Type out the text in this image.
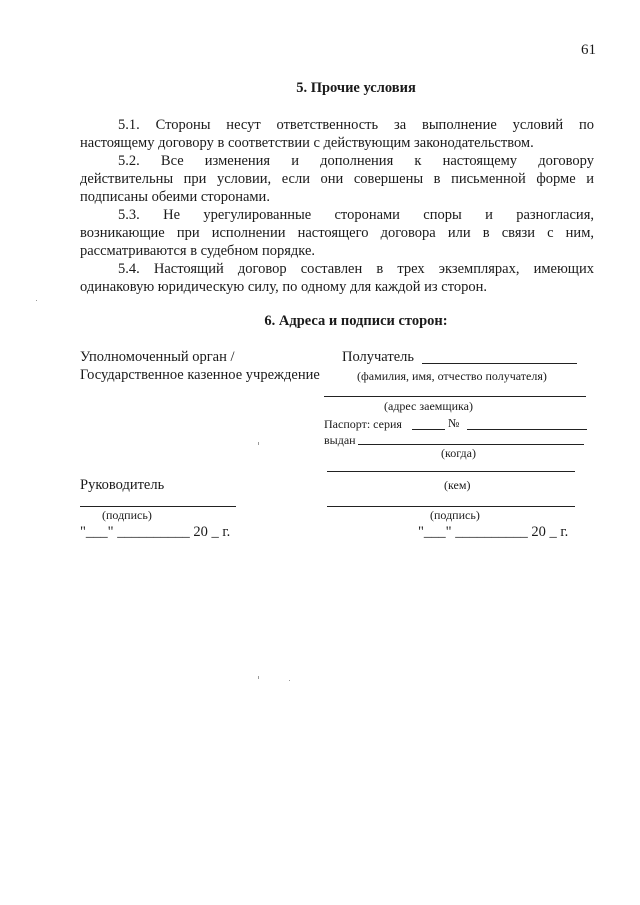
61
5. Прочие условия
5.1. Стороны несут ответственность за выполнение условий по
настоящему договору в соответствии с действующим законодательством.
5.2. Все изменения и дополнения к настоящему договору
действительны при условии, если они совершены в письменной форме и
подписаны обеими сторонами.
5.3. Не урегулированные сторонами споры и разногласия,
возникающие при исполнении настоящего договора или в связи с ним,
рассматриваются в судебном порядке.
5.4. Настоящий договор составлен в трех экземплярах, имеющих
одинаковую юридическую силу, по одному для каждой из сторон.
6. Адреса и подписи сторон:
Уполномоченный орган /
Государственное казенное учреждение
Руководитель
(подпись)
"___" __________ 20 _ г.
Получатель
(фамилия, имя, отчество получателя)
(адрес заемщика)
Паспорт: серия	№
выдан
(когда)
(кем)
(подпись)
"___" __________ 20 _ г.
